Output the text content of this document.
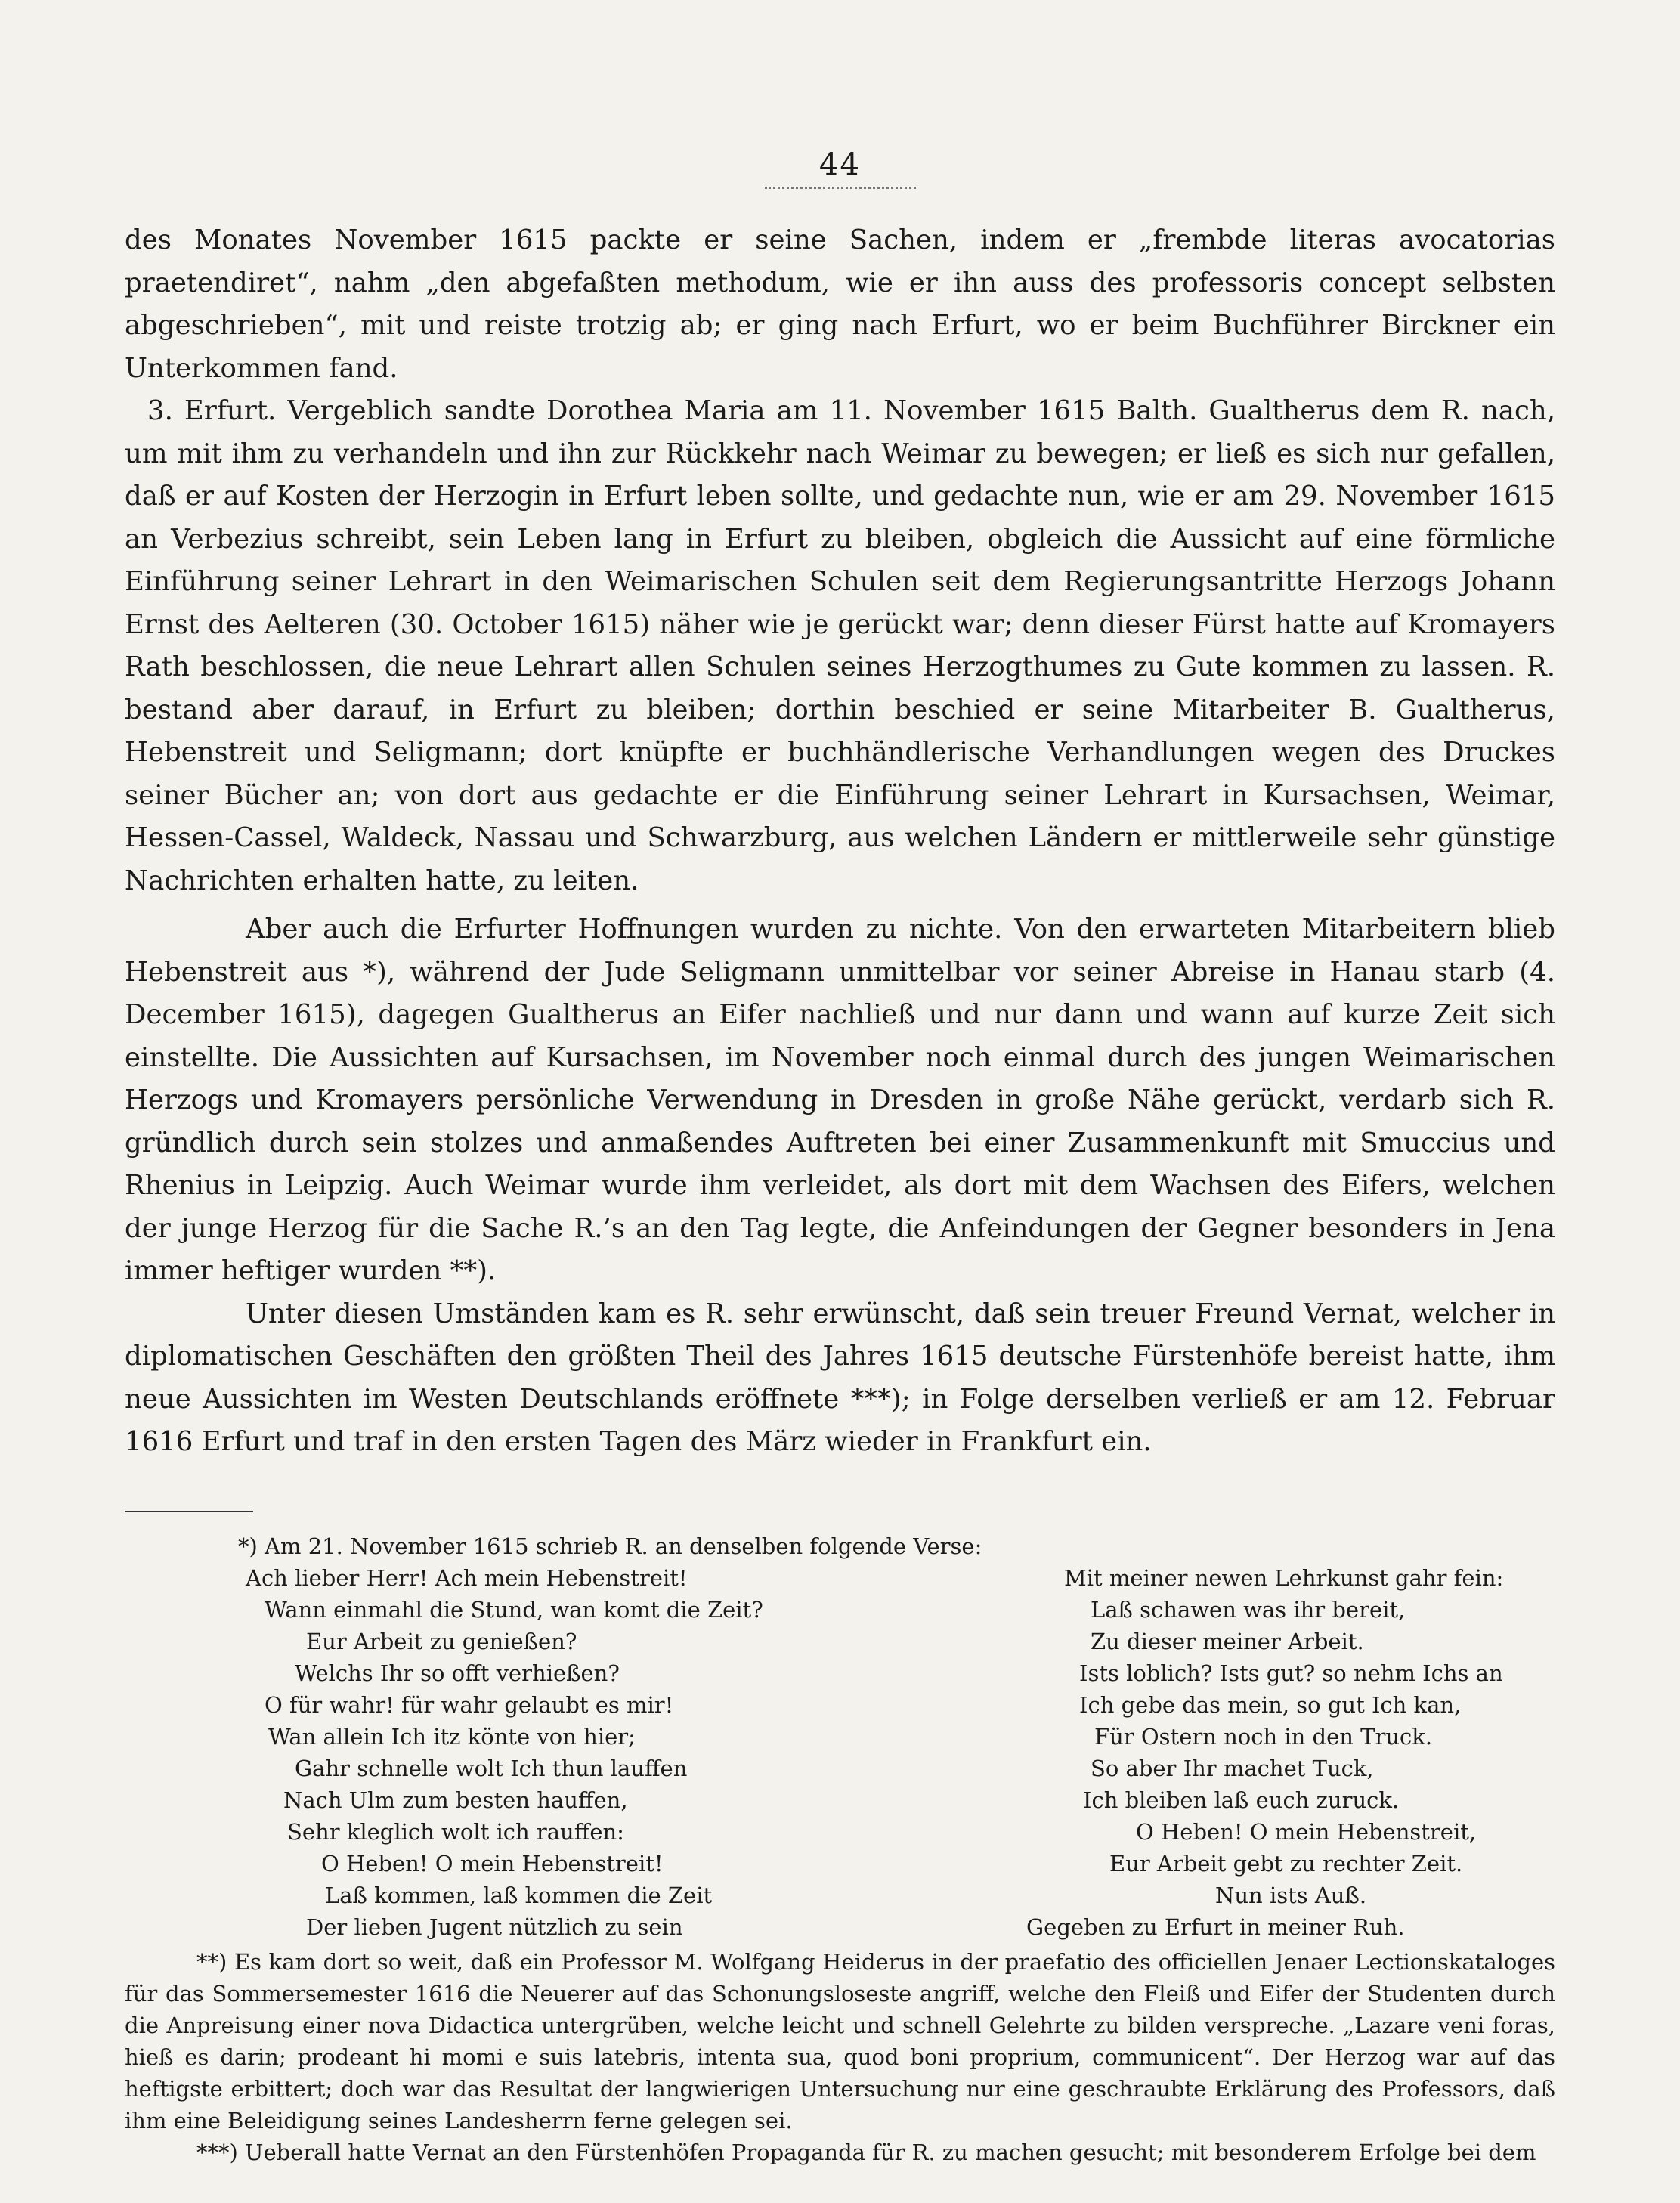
44

des Monates November 1615 packte er seine Sachen, indem er „frembde literas avocatorias praetendiret“, nahm „den abgefaßten methodum, wie er ihn auss des professoris concept selbsten abgeschrieben“, mit und reiste trotzig ab; er ging nach Erfurt, wo er beim Buchführer Birckner ein Unterkommen fand.

3. Erfurt. Vergeblich sandte Dorothea Maria am 11. November 1615 Balth. Gualtherus dem R. nach, um mit ihm zu verhandeln und ihn zur Rückkehr nach Weimar zu bewegen; er ließ es sich nur gefallen, daß er auf Kosten der Herzogin in Erfurt leben sollte, und gedachte nun, wie er am 29. November 1615 an Verbezius schreibt, sein Leben lang in Erfurt zu bleiben, obgleich die Aussicht auf eine förmliche Einführung seiner Lehrart in den Weimarischen Schulen seit dem Regierungsantritte Herzogs Johann Ernst des Aelteren (30. October 1615) näher wie je gerückt war; denn dieser Fürst hatte auf Kromayers Rath beschlossen, die neue Lehrart allen Schulen seines Herzogthumes zu Gute kommen zu lassen. R. bestand aber darauf, in Erfurt zu bleiben; dorthin beschied er seine Mitarbeiter B. Gualtherus, Hebenstreit und Seligmann; dort knüpfte er buchhändlerische Verhandlungen wegen des Druckes seiner Bücher an; von dort aus gedachte er die Einführung seiner Lehrart in Kursachsen, Weimar, Hessen-Cassel, Waldeck, Nassau und Schwarzburg, aus welchen Ländern er mittlerweile sehr günstige Nachrichten erhalten hatte, zu leiten.

Aber auch die Erfurter Hoffnungen wurden zu nichte. Von den erwarteten Mitarbeitern blieb Hebenstreit aus *), während der Jude Seligmann unmittelbar vor seiner Abreise in Hanau starb (4. December 1615), dagegen Gualtherus an Eifer nachließ und nur dann und wann auf kurze Zeit sich einstellte. Die Aussichten auf Kursachsen, im November noch einmal durch des jungen Weimarischen Herzogs und Kromayers persönliche Verwendung in Dresden in große Nähe gerückt, verdarb sich R. gründlich durch sein stolzes und anmaßendes Auftreten bei einer Zusammenkunft mit Smuccius und Rhenius in Leipzig. Auch Weimar wurde ihm verleidet, als dort mit dem Wachsen des Eifers, welchen der junge Herzog für die Sache R.’s an den Tag legte, die Anfeindungen der Gegner besonders in Jena immer heftiger wurden **).

Unter diesen Umständen kam es R. sehr erwünscht, daß sein treuer Freund Vernat, welcher in diplomatischen Geschäften den größten Theil des Jahres 1615 deutsche Fürstenhöfe bereist hatte, ihm neue Aussichten im Westen Deutschlands eröffnete ***); in Folge derselben verließ er am 12. Februar 1616 Erfurt und traf in den ersten Tagen des März wieder in Frankfurt ein.

*) Am 21. November 1615 schrieb R. an denselben folgende Verse:

Ach lieber Herr! Ach mein Hebenstreit!
Wann einmahl die Stund, wan komt die Zeit?
Eur Arbeit zu genießen?
Welchs Ihr so offt verhießen?
O für wahr! für wahr gelaubt es mir!
Wan allein Ich itz könte von hier;
Gahr schnelle wolt Ich thun lauffen
Nach Ulm zum besten hauffen,
Sehr kleglich wolt ich rauffen:
O Heben! O mein Hebenstreit!
Laß kommen, laß kommen die Zeit
Der lieben Jugent nützlich zu sein
Mit meiner newen Lehrkunst gahr fein:
Laß schawen was ihr bereit,
Zu dieser meiner Arbeit.
Ists loblich? Ists gut? so nehm Ichs an
Ich gebe das mein, so gut Ich kan,
Für Ostern noch in den Truck.
So aber Ihr machet Tuck,
Ich bleiben laß euch zuruck.
O Heben! O mein Hebenstreit,
Eur Arbeit gebt zu rechter Zeit.
Nun ists Auß.
Gegeben zu Erfurt in meiner Ruh.

**) Es kam dort so weit, daß ein Professor M. Wolfgang Heiderus in der praefatio des officiellen Jenaer Lectionskataloges für das Sommersemester 1616 die Neuerer auf das Schonungsloseste angriff, welche den Fleiß und Eifer der Studenten durch die Anpreisung einer nova Didactica untergrüben, welche leicht und schnell Gelehrte zu bilden verspreche. „Lazare veni foras, hieß es darin; prodeant hi momi e suis latebris, intenta sua, quod boni proprium, communicent“. Der Herzog war auf das heftigste erbittert; doch war das Resultat der langwierigen Untersuchung nur eine geschraubte Erklärung des Professors, daß ihm eine Beleidigung seines Landesherrn ferne gelegen sei.

***) Ueberall hatte Vernat an den Fürstenhöfen Propaganda für R. zu machen gesucht; mit besonderem Erfolge bei dem
